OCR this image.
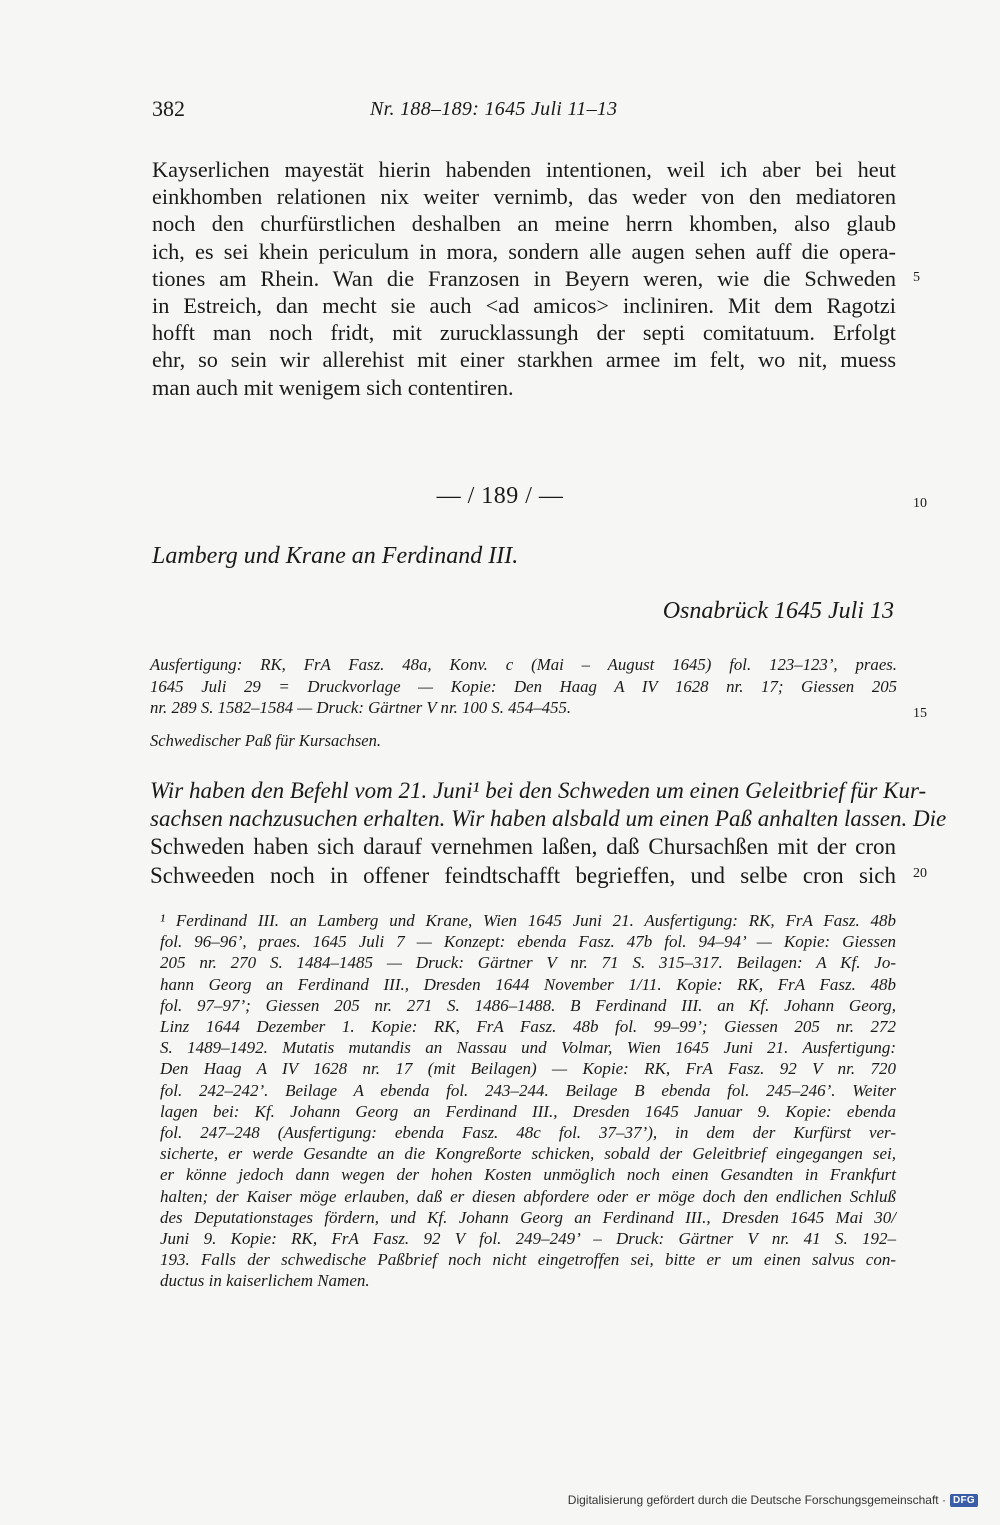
382	Nr. 188–189: 1645 Juli 11–13
Kayserlichen mayestät hierin habenden intentionen, weil ich aber bei heut
einkhomben relationen nix weiter vernimb, das weder von den mediatoren
noch den churfürstlichen deshalben an meine herrn khomben, also glaub
ich, es sei khein periculum in mora, sondern alle augen sehen auff die opera-
tiones am Rhein. Wan die Franzosen in Beyern weren, wie die Schweden
in Estreich, dan mecht sie auch <ad amicos> incliniren. Mit dem Ragotzi
hofft man noch fridt, mit zurucklassungh der septi comitatuum. Erfolgt
ehr, so sein wir allerehist mit einer starkhen armee im felt, wo nit, muess
man auch mit wenigem sich contentiren.
5
10
15
20
— / 189 / —
Lamberg und Krane an Ferdinand III.
Osnabrück 1645 Juli 13
Ausfertigung: RK, FrA Fasz. 48a, Konv. c (Mai – August 1645) fol. 123–123’, praes.
1645 Juli 29 = Druckvorlage — Kopie: Den Haag A IV 1628 nr. 17; Giessen 205
nr. 289 S. 1582–1584 — Druck: Gärtner V nr. 100 S. 454–455.
Schwedischer Paß für Kursachsen.
Wir haben den Befehl vom 21. Juni¹ bei den Schweden um einen Geleitbrief für Kur-
sachsen nachzusuchen erhalten. Wir haben alsbald um einen Paß anhalten lassen. Die
Schweden haben sich darauf vernehmen laßen, daß Chursachßen mit der cron
Schweeden noch in offener feindtschafft begrieffen, und selbe cron sich
¹ Ferdinand III. an Lamberg und Krane, Wien 1645 Juni 21. Ausfertigung: RK, FrA Fasz. 48b
fol. 96–96’, praes. 1645 Juli 7 — Konzept: ebenda Fasz. 47b fol. 94–94’ — Kopie: Giessen
205 nr. 270 S. 1484–1485 — Druck: Gärtner V nr. 71 S. 315–317. Beilagen: A Kf. Jo-
hann Georg an Ferdinand III., Dresden 1644 November 1/11. Kopie: RK, FrA Fasz. 48b
fol. 97–97’; Giessen 205 nr. 271 S. 1486–1488. B Ferdinand III. an Kf. Johann Georg,
Linz 1644 Dezember 1. Kopie: RK, FrA Fasz. 48b fol. 99–99’; Giessen 205 nr. 272
S. 1489–1492. Mutatis mutandis an Nassau und Volmar, Wien 1645 Juni 21. Ausfertigung:
Den Haag A IV 1628 nr. 17 (mit Beilagen) — Kopie: RK, FrA Fasz. 92 V nr. 720
fol. 242–242’. Beilage A ebenda fol. 243–244. Beilage B ebenda fol. 245–246’. Weiter
lagen bei: Kf. Johann Georg an Ferdinand III., Dresden 1645 Januar 9. Kopie: ebenda
fol. 247–248 (Ausfertigung: ebenda Fasz. 48c fol. 37–37’), in dem der Kurfürst ver-
sicherte, er werde Gesandte an die Kongreßorte schicken, sobald der Geleitbrief eingegangen sei,
er könne jedoch dann wegen der hohen Kosten unmöglich noch einen Gesandten in Frankfurt
halten; der Kaiser möge erlauben, daß er diesen abfordere oder er möge doch den endlichen Schluß
des Deputationstages fördern, und Kf. Johann Georg an Ferdinand III., Dresden 1645 Mai 30/
Juni 9. Kopie: RK, FrA Fasz. 92 V fol. 249–249’ – Druck: Gärtner V nr. 41 S. 192–
193. Falls der schwedische Paßbrief noch nicht eingetroffen sei, bitte er um einen salvus con-
ductus in kaiserlichem Namen.
Digitalisierung gefördert durch die Deutsche Forschungsgemeinschaft · DFG
